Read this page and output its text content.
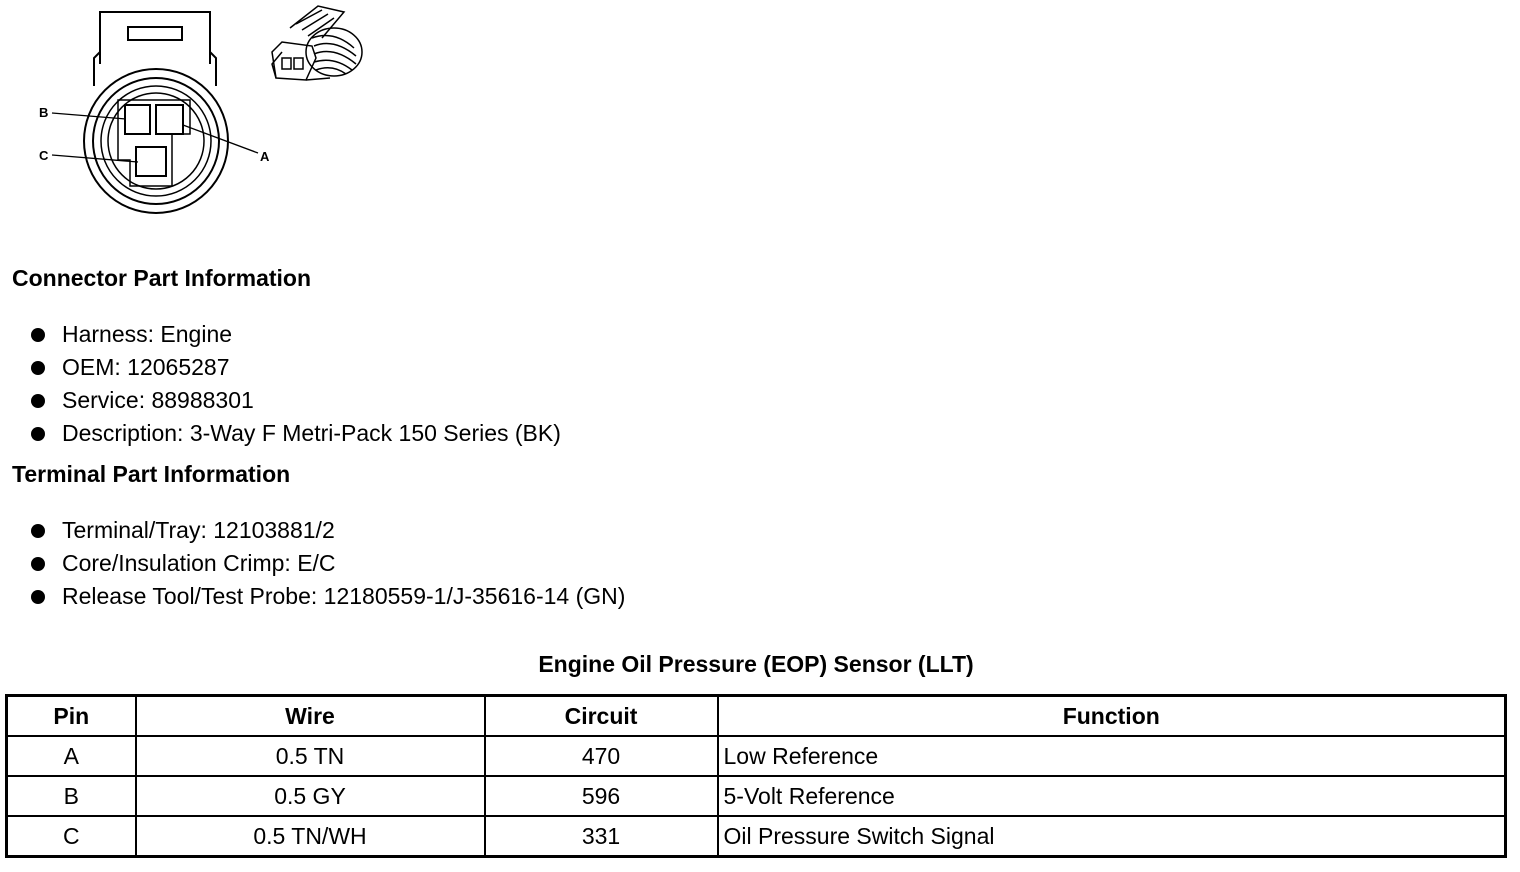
B
C	A
Connector Part Information
Harness: Engine
OEM: 12065287
Service: 88988301
Description: 3-Way F Metri-Pack 150 Series (BK)
Terminal Part Information
Terminal/Tray: 12103881/2
Core/Insulation Crimp: E/C
Release Tool/Test Probe: 12180559-1/J-35616-14 (GN)
Engine Oil Pressure (EOP) Sensor (LLT)
Pin	Wire	Circuit	Function
A	0.5 TN	470	Low Reference
B	0.5 GY	596	5-Volt Reference
C	0.5 TN/WH	331	Oil Pressure Switch Signal
